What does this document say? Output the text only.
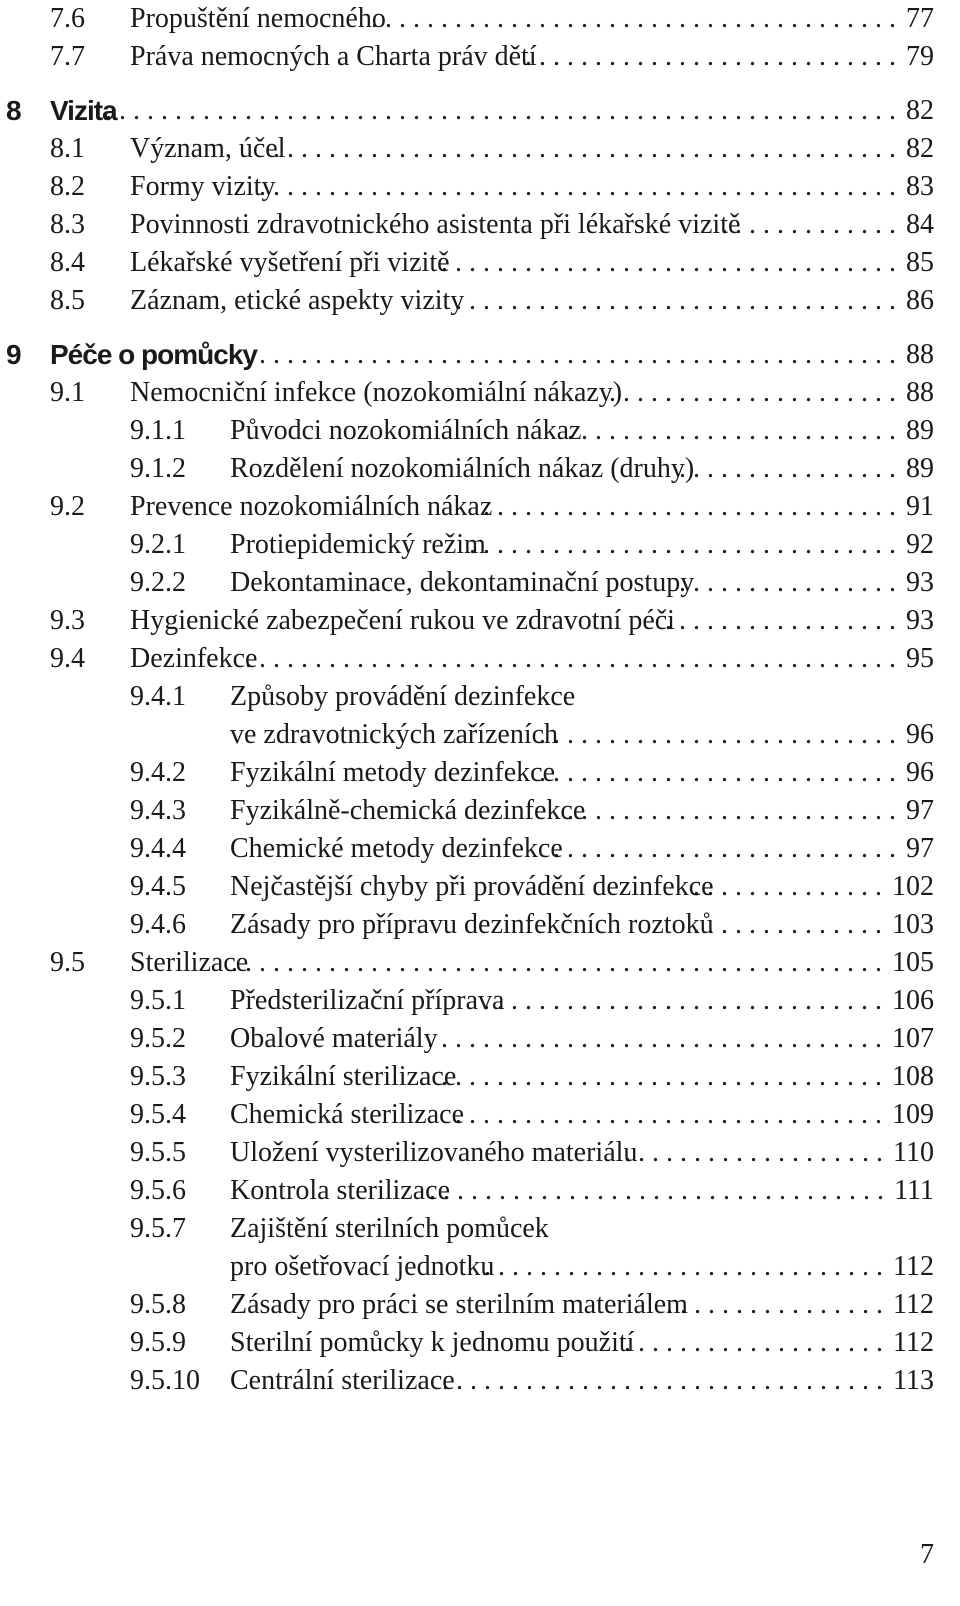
7.6 Propuštění nemocného
. . . . . . . . . . . . . . . . . . . . . . . . . . . . . . . . . . . . . . 77
7.7 Práva nemocných a Charta práv dětí
. . . . . . . . . . . . . . . . . . . . . . . . . . . 79
8 Vizita
. . . . . . . . . . . . . . . . . . . . . . . . . . . . . . . . . . . . . . . . . . . . . . . . . . . . . . . . . 82
8.1 Význam, účel
. . . . . . . . . . . . . . . . . . . . . . . . . . . . . . . . . . . . . . . . . . . . . 82
8.2 Formy vizity
. . . . . . . . . . . . . . . . . . . . . . . . . . . . . . . . . . . . . . . . . . . . . . 83
8.3 Povinnosti zdravotnického asistenta při lékařské vizitě
. . . . . . . . . . . . . 84
8.4 Lékařské vyšetření při vizitě
. . . . . . . . . . . . . . . . . . . . . . . . . . . . . . . . . 85
8.5 Záznam, etické aspekty vizity
. . . . . . . . . . . . . . . . . . . . . . . . . . . . . . . . 86
9 Péče o pomůcky
. . . . . . . . . . . . . . . . . . . . . . . . . . . . . . . . . . . . . . . . . . . . . . . 88
9.1 Nemocniční infekce (nozokomiální nákazy)
. . . . . . . . . . . . . . . . . . . . . 88
9.1.1 Původci nozokomiálních nákaz
. . . . . . . . . . . . . . . . . . . . . . . . 89
9.1.2 Rozdělení nozokomiálních nákaz (druhy)
. . . . . . . . . . . . . . . . 89
9.2 Prevence nozokomiálních nákaz
. . . . . . . . . . . . . . . . . . . . . . . . . . . . . . 91
9.2.1 Protiepidemický režim
. . . . . . . . . . . . . . . . . . . . . . . . . . . . . . . 92
9.2.2 Dekontaminace, dekontaminační postupy
. . . . . . . . . . . . . . . . 93
9.3 Hygienické zabezpečení rukou ve zdravotní péči
. . . . . . . . . . . . . . . . . 93
9.4 Dezinfekce
. . . . . . . . . . . . . . . . . . . . . . . . . . . . . . . . . . . . . . . . . . . . . . . 95
9.4.1 Způsoby provádění dezinfekce
ve zdravotnických zařízeních
. . . . . . . . . . . . . . . . . . . . . . . . . . 96
9.4.2 Fyzikální metody dezinfekce
. . . . . . . . . . . . . . . . . . . . . . . . . . 96
9.4.3 Fyzikálně-chemická dezinfekce
. . . . . . . . . . . . . . . . . . . . . . . . 97
9.4.4 Chemické metody dezinfekce
. . . . . . . . . . . . . . . . . . . . . . . . . 97
9.4.5 Nejčastější chyby při provádění dezinfekce
. . . . . . . . . . . . . . 102
9.4.6 Zásady pro přípravu dezinfekčních roztoků
. . . . . . . . . . . . . . 103
9.5 Sterilizace
. . . . . . . . . . . . . . . . . . . . . . . . . . . . . . . . . . . . . . . . . . . . . . . 105
9.5.1 Předsterilizační příprava
. . . . . . . . . . . . . . . . . . . . . . . . . . . . . 106
9.5.2 Obalové materiály
. . . . . . . . . . . . . . . . . . . . . . . . . . . . . . . . . 107
9.5.3 Fyzikální sterilizace
. . . . . . . . . . . . . . . . . . . . . . . . . . . . . . . . 108
9.5.4 Chemická sterilizace
. . . . . . . . . . . . . . . . . . . . . . . . . . . . . . . 109
9.5.5 Uložení vysterilizovaného materiálu
. . . . . . . . . . . . . . . . . . . 110
9.5.6 Kontrola sterilizace
. . . . . . . . . . . . . . . . . . . . . . . . . . . . . . . . . 111
9.5.7 Zajištění sterilních pomůcek
pro ošetřovací jednotku
. . . . . . . . . . . . . . . . . . . . . . . . . . . . . 112
9.5.8 Zásady pro práci se sterilním materiálem
. . . . . . . . . . . . . . . . 112
9.5.9 Sterilní pomůcky k jednomu použití
. . . . . . . . . . . . . . . . . . . 112
9.5.10 Centrální sterilizace
. . . . . . . . . . . . . . . . . . . . . . . . . . . . . . . . 113
7
